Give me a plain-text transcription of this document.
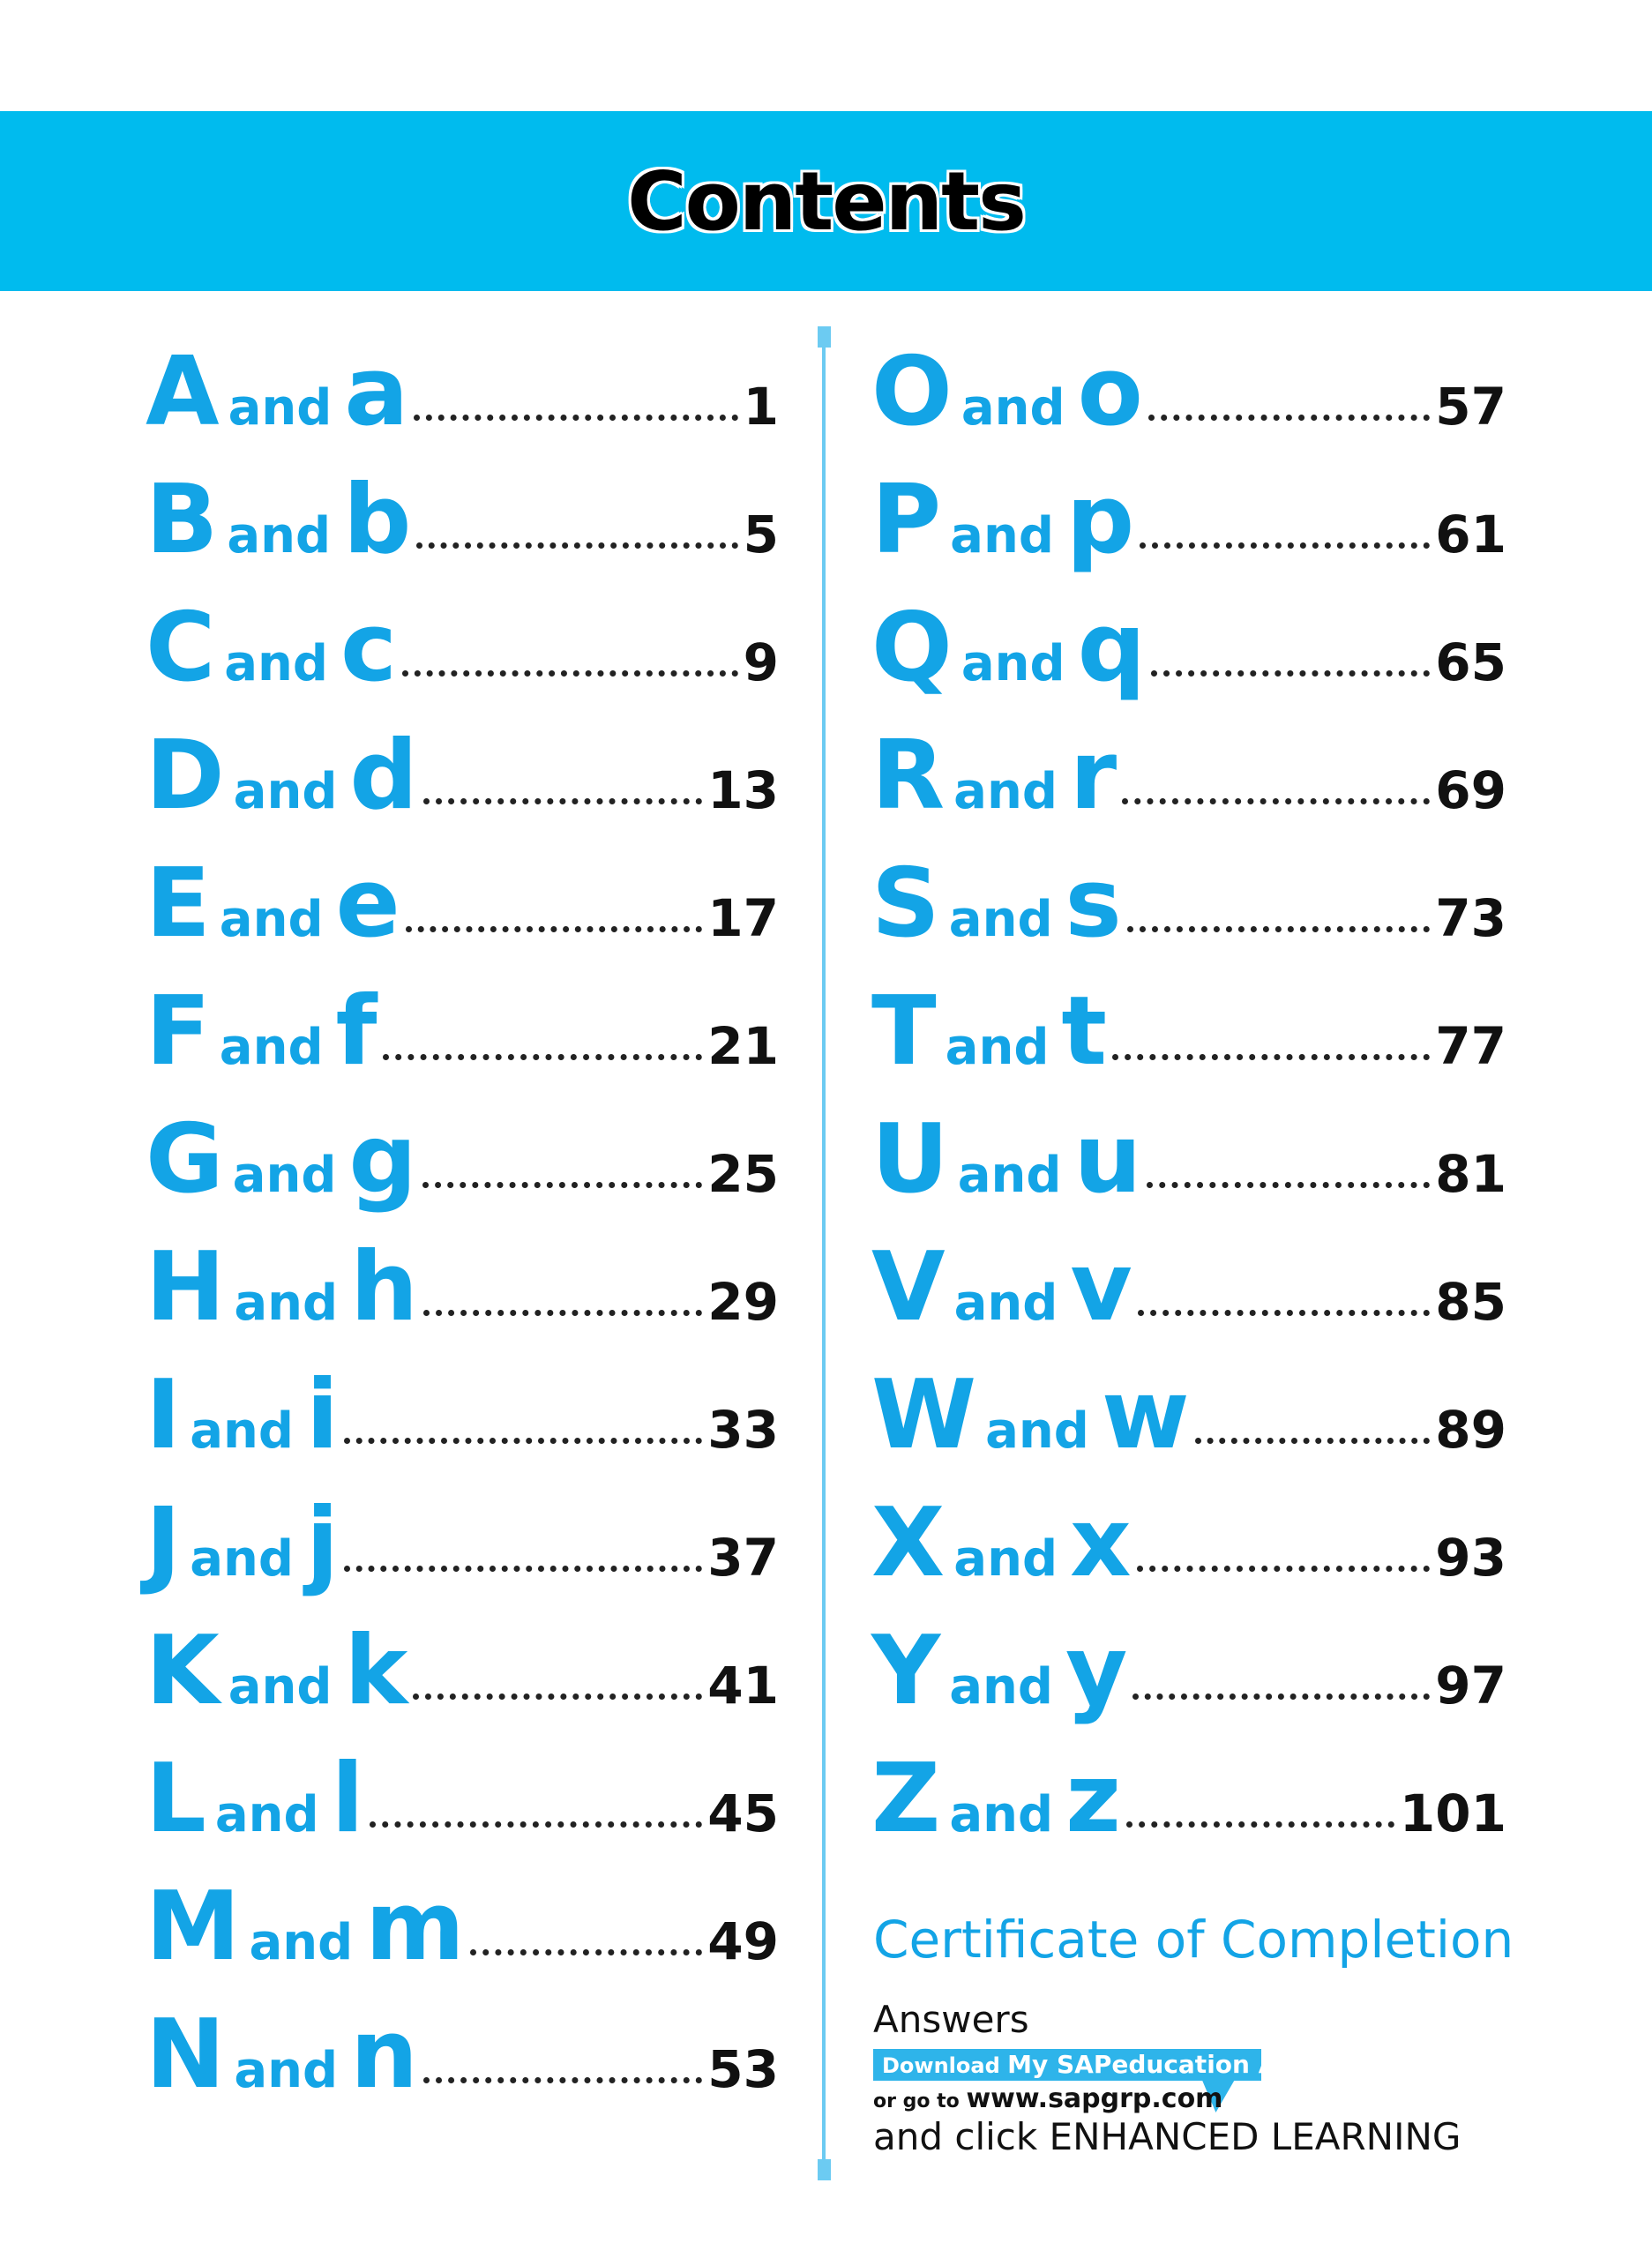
Contents
A and a	1
B and b	5
C and c	9
D and d	13
E and e	17
F and f	21
G and g	25
H and h	29
I and i	33
J and j	37
K and k	41
L and l	45
M and m	49
N and n	53
O and o	57
P and p	61
Q and q	65
R and r	69
S and s	73
T and t	77
U and u	81
V and v	85
W and w	89
X and x	93
Y and y	97
Z and z	101
Certificate of Completion
Answers
Download My SAPeducation App Now!
or go to www.sapgrp.com
and click ENHANCED LEARNING
